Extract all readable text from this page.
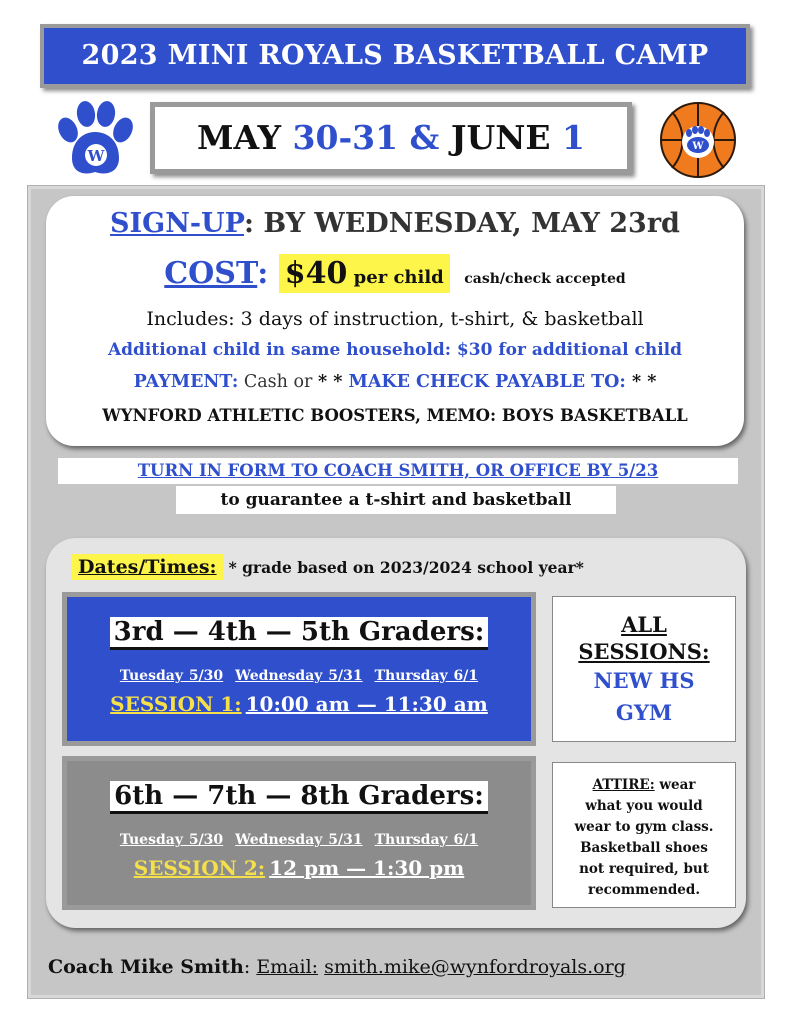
2023 MINI ROYALS BASKETBALL CAMP
W	MAY 30-31 & JUNE 1	W
SIGN-UP: BY WEDNESDAY, MAY 23rd
COST: $40 per child cash/check accepted
Includes: 3 days of instruction, t-shirt, & basketball
Additional child in same household: $30 for additional child
PAYMENT: Cash or * * MAKE CHECK PAYABLE TO: * *
WYNFORD ATHLETIC BOOSTERS, MEMO: BOYS BASKETBALL
TURN IN FORM TO COACH SMITH, OR OFFICE BY 5/23
to guarantee a t-shirt and basketball
Dates/Times: * grade based on 2023/2024 school year*
3rd — 4th — 5th Graders:
Tuesday 5/30 Wednesday 5/31 Thursday 6/1
SESSION 1: 10:00 am — 11:30 am
6th — 7th — 8th Graders:
Tuesday 5/30 Wednesday 5/31 Thursday 6/1
SESSION 2: 12 pm — 1:30 pm
ALL
SESSIONS:
NEW HS
GYM
ATTIRE: wear
what you would
wear to gym class.
Basketball shoes
not required, but
recommended.
Coach Mike Smith: Email: smith.mike@wynfordroyals.org
